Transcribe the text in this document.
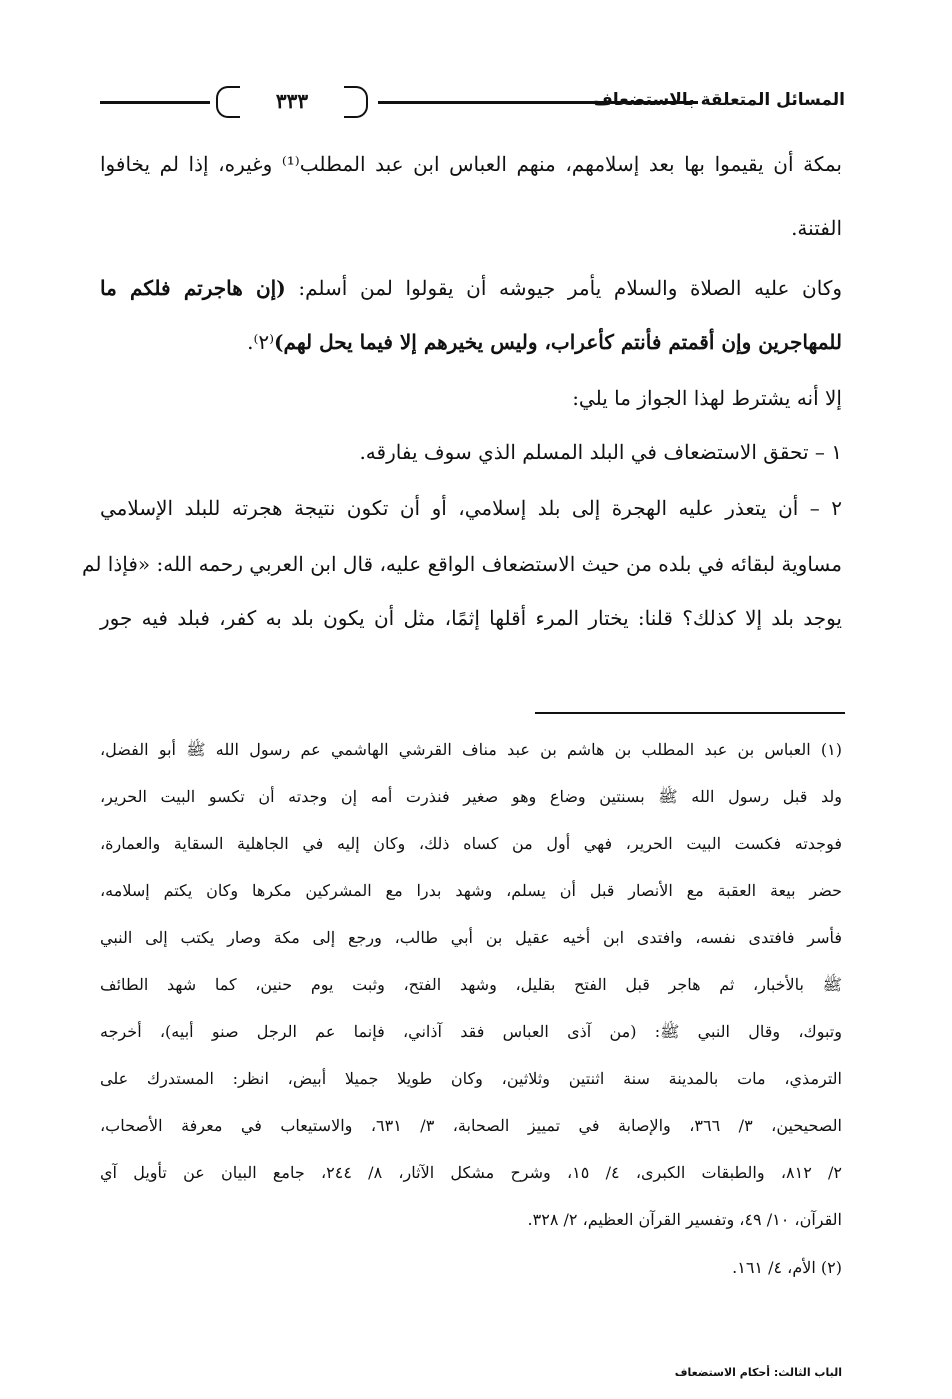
٣٣٣	المسائل المتعلقة بالاستضعاف
بمكة أن يقيموا بها بعد إسلامهم، منهم العباس ابن عبد المطلب⁽¹⁾ وغيره، إذا لم يخافوا
الفتنة.
وكان عليه الصلاة والسلام يأمر جيوشه أن يقولوا لمن أسلم: (إن هاجرتم فلكم ما
للمهاجرين وإن أقمتم فأنتم كأعراب، وليس يخيرهم إلا فيما يحل لهم)⁽٢⁾.
إلا أنه يشترط لهذا الجواز ما يلي:
١ – تحقق الاستضعاف في البلد المسلم الذي سوف يفارقه.
٢ – أن يتعذر عليه الهجرة إلى بلد إسلامي، أو أن تكون نتيجة هجرته للبلد الإسلامي
مساوية لبقائه في بلده من حيث الاستضعاف الواقع عليه، قال ابن العربي رحمه الله: «فإذا لم
يوجد بلد إلا كذلك؟ قلنا: يختار المرء أقلها إثمًا، مثل أن يكون بلد به كفر، فبلد فيه جور
(١) العباس بن عبد المطلب بن هاشم بن عبد مناف القرشي الهاشمي عم رسول الله ﷺ أبو الفضل،
ولد قبل رسول الله ﷺ بسنتين وضاع وهو صغير فنذرت أمه إن وجدته أن تكسو البيت الحرير،
فوجدته فكست البيت الحرير، فهي أول من كساه ذلك، وكان إليه في الجاهلية السقاية والعمارة،
حضر بيعة العقبة مع الأنصار قبل أن يسلم، وشهد بدرا مع المشركين مكرها وكان يكتم إسلامه،
فأسر فافتدى نفسه، وافتدى ابن أخيه عقيل بن أبي طالب، ورجع إلى مكة وصار يكتب إلى النبي
ﷺ بالأخبار، ثم هاجر قبل الفتح بقليل، وشهد الفتح، وثبت يوم حنين، كما شهد الطائف
وتبوك، وقال النبي ﷺ: (من آذى العباس فقد آذاني، فإنما عم الرجل صنو أبيه)، أخرجه
الترمذي، مات بالمدينة سنة اثنتين وثلاثين، وكان طويلا جميلا أبيض، انظر: المستدرك على
الصحيحين، ٣/ ٣٦٦، والإصابة في تمييز الصحابة، ٣/ ٦٣١، والاستيعاب في معرفة الأصحاب،
٢/ ٨١٢، والطبقات الكبرى، ٤/ ١٥، وشرح مشكل الآثار، ٨/ ٢٤٤، جامع البيان عن تأويل آي
القرآن، ١٠/ ٤٩، وتفسير القرآن العظيم، ٢/ ٣٢٨.
(٢) الأم، ٤/ ١٦١.
الباب الثالث: أحكام الاستضعاف
